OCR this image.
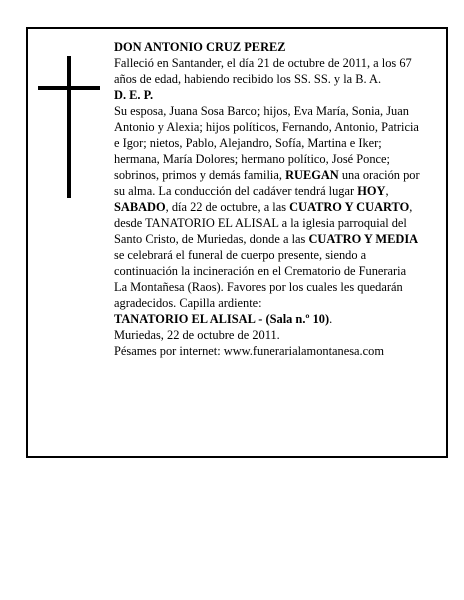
DON ANTONIO CRUZ PEREZ

Falleció en Santander, el día 21 de octubre de 2011, a los 67 años de edad, habiendo recibido los SS. SS. y la B. A.

D. E. P.

Su esposa, Juana Sosa Barco; hijos, Eva María, Sonia, Juan Antonio y Alexia; hijos políticos, Fernando, Antonio, Patricia e Igor; nietos, Pablo, Alejandro, Sofía, Martina e Iker; hermana, María Dolores; hermano político, José Ponce; sobrinos, primos y demás familia, RUEGAN una oración por su alma. La conducción del cadáver tendrá lugar HOY, SABADO, día 22 de octubre, a las CUATRO Y CUARTO, desde TANATORIO EL ALISAL a la iglesia parroquial del Santo Cristo, de Muriedas, donde a las CUATRO Y MEDIA se celebrará el funeral de cuerpo presente, siendo a continuación la incineración en el Crematorio de Funeraria La Montañesa (Raos). Favores por los cuales les quedarán agradecidos. Capilla ardiente:

TANATORIO EL ALISAL - (Sala n.º 10).

Muriedas, 22 de octubre de 2011.

Pésames por internet: www.funerarialamontanesa.com
